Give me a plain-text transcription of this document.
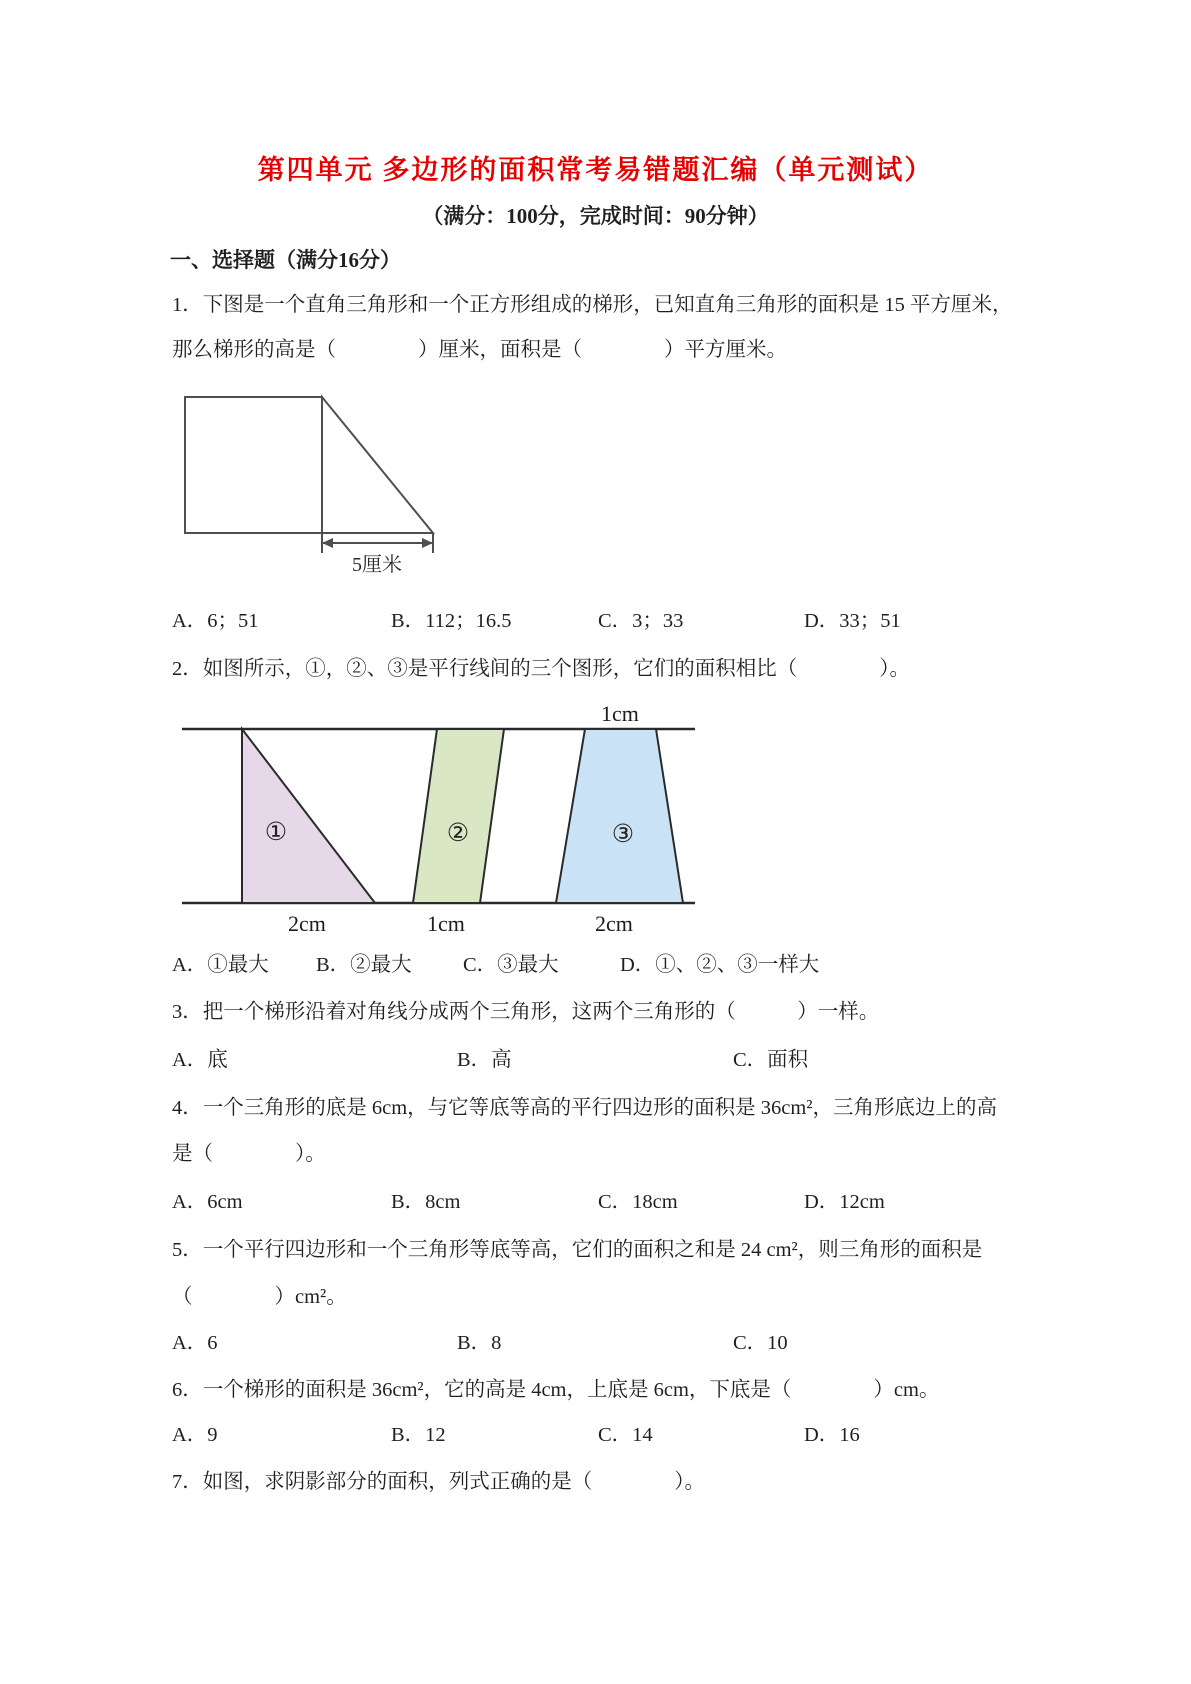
第四单元 多边形的面积常考易错题汇编（单元测试）
（满分：100分，完成时间：90分钟）
一、选择题（满分16分）
1．下图是一个直角三角形和一个正方形组成的梯形，已知直角三角形的面积是 15 平方厘米，
那么梯形的高是（　　　　）厘米，面积是（　　　　）平方厘米。
5厘米
A．6；51	B．112；16.5	C．3；33	D．33；51
2．如图所示，①，②、③是平行线间的三个图形，它们的面积相比（　　　　）。
①	②	③
1cm
2cm	1cm	2cm
A．①最大 B．②最大	C．③最大	D．①、②、③一样大
3．把一个梯形沿着对角线分成两个三角形，这两个三角形的（　　　）一样。
A．底	B．高	C．面积
4．一个三角形的底是 6cm，与它等底等高的平行四边形的面积是 36cm²，三角形底边上的高
是（　　　　）。
A．6cm	B．8cm	C．18cm	D．12cm
5．一个平行四边形和一个三角形等底等高，它们的面积之和是 24 cm²，则三角形的面积是
（　　　　）cm²。
A．6	B．8	C．10
6．一个梯形的面积是 36cm²，它的高是 4cm，上底是 6cm，下底是（　　　　）cm。
A．9	B．12	C．14	D．16
7．如图，求阴影部分的面积，列式正确的是（　　　　）。
